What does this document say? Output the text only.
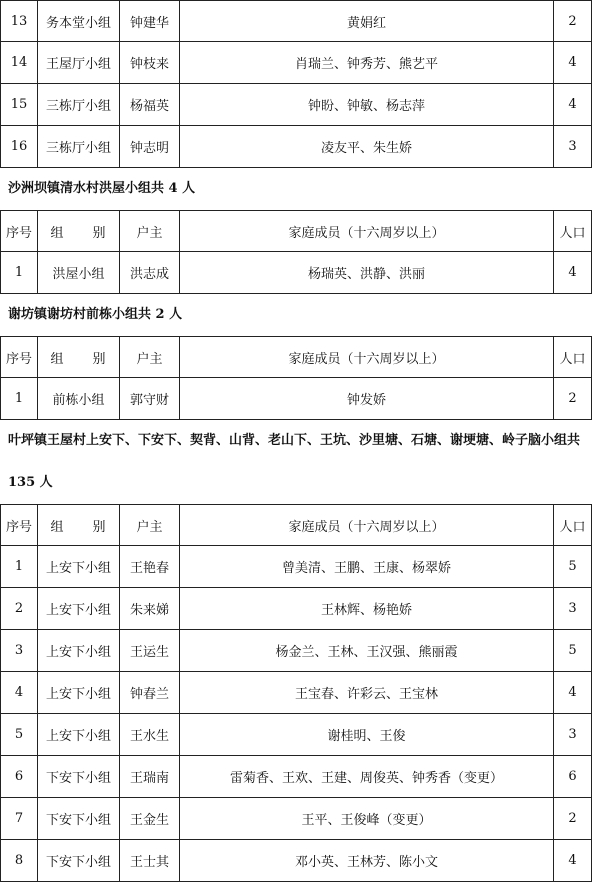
13	务本堂小组	钟建华	黄娟红	2
14	王屋厅小组	钟枝来	肖瑞兰、钟秀芳、熊艺平	4
15	三栋厅小组	杨福英	钟盼、钟敏、杨志萍	4
16	三栋厅小组	钟志明	凌友平、朱生娇	3
沙洲坝镇清水村洪屋小组共 4 人
序号	组　　别	户主	家庭成员（十六周岁以上）	人口
1	洪屋小组	洪志成	杨瑞英、洪静、洪丽	4
谢坊镇谢坊村前栋小组共 2 人
序号	组　　别	户主	家庭成员（十六周岁以上）	人口
1	前栋小组	郭守财	钟发娇	2
叶坪镇王屋村上安下、下安下、契背、山背、老山下、王坑、沙里塘、石塘、谢埂塘、岭子脑小组共 135 人
序号	组　　别	户主	家庭成员（十六周岁以上）	人口
1	上安下小组	王艳春	曾美清、王鹏、王康、杨翠娇	5
2	上安下小组	朱来娣	王林辉、杨艳娇	3
3	上安下小组	王运生	杨金兰、王林、王汉强、熊丽霞	5
4	上安下小组	钟春兰	王宝春、许彩云、王宝林	4
5	上安下小组	王水生	谢桂明、王俊	3
6	下安下小组	王瑞南	雷菊香、王欢、王建、周俊英、钟秀香（变更）	6
7	下安下小组	王金生	王平、王俊峰（变更）	2
8	下安下小组	王士其	邓小英、王林芳、陈小文	4
